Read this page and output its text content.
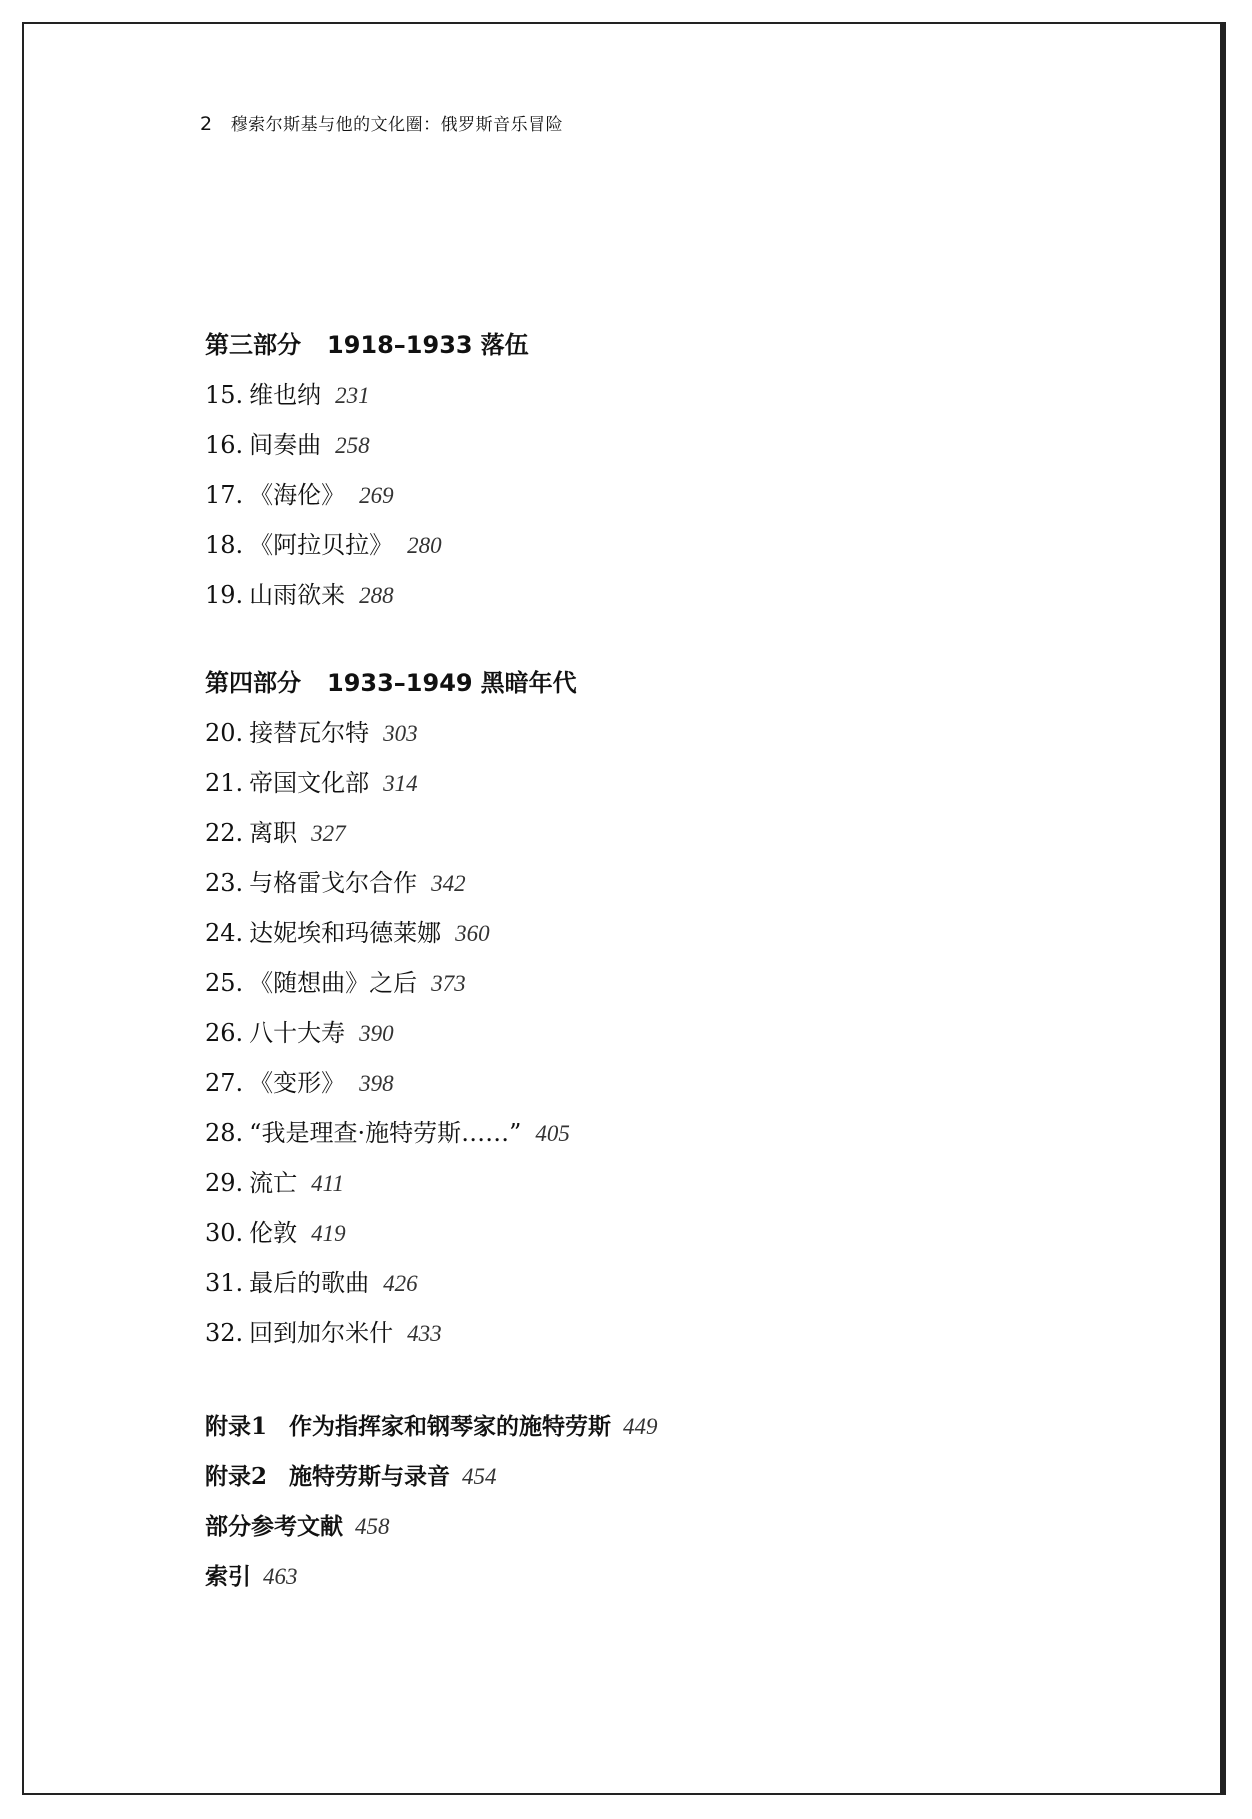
2 穆索尔斯基与他的文化圈：俄罗斯音乐冒险
第三部分 1918–1933 落伍
15. 维也纳 231
16. 间奏曲 258
17. 《海伦》 269
18. 《阿拉贝拉》 280
19. 山雨欲来 288
第四部分 1933–1949 黑暗年代
20. 接替瓦尔特 303
21. 帝国文化部 314
22. 离职 327
23. 与格雷戈尔合作 342
24. 达妮埃和玛德莱娜 360
25. 《随想曲》之后 373
26. 八十大寿 390
27. 《变形》 398
28. “我是理查·施特劳斯……” 405
29. 流亡 411
30. 伦敦 419
31. 最后的歌曲 426
32. 回到加尔米什 433
附录1 作为指挥家和钢琴家的施特劳斯 449
附录2 施特劳斯与录音 454
部分参考文献 458
索引 463
